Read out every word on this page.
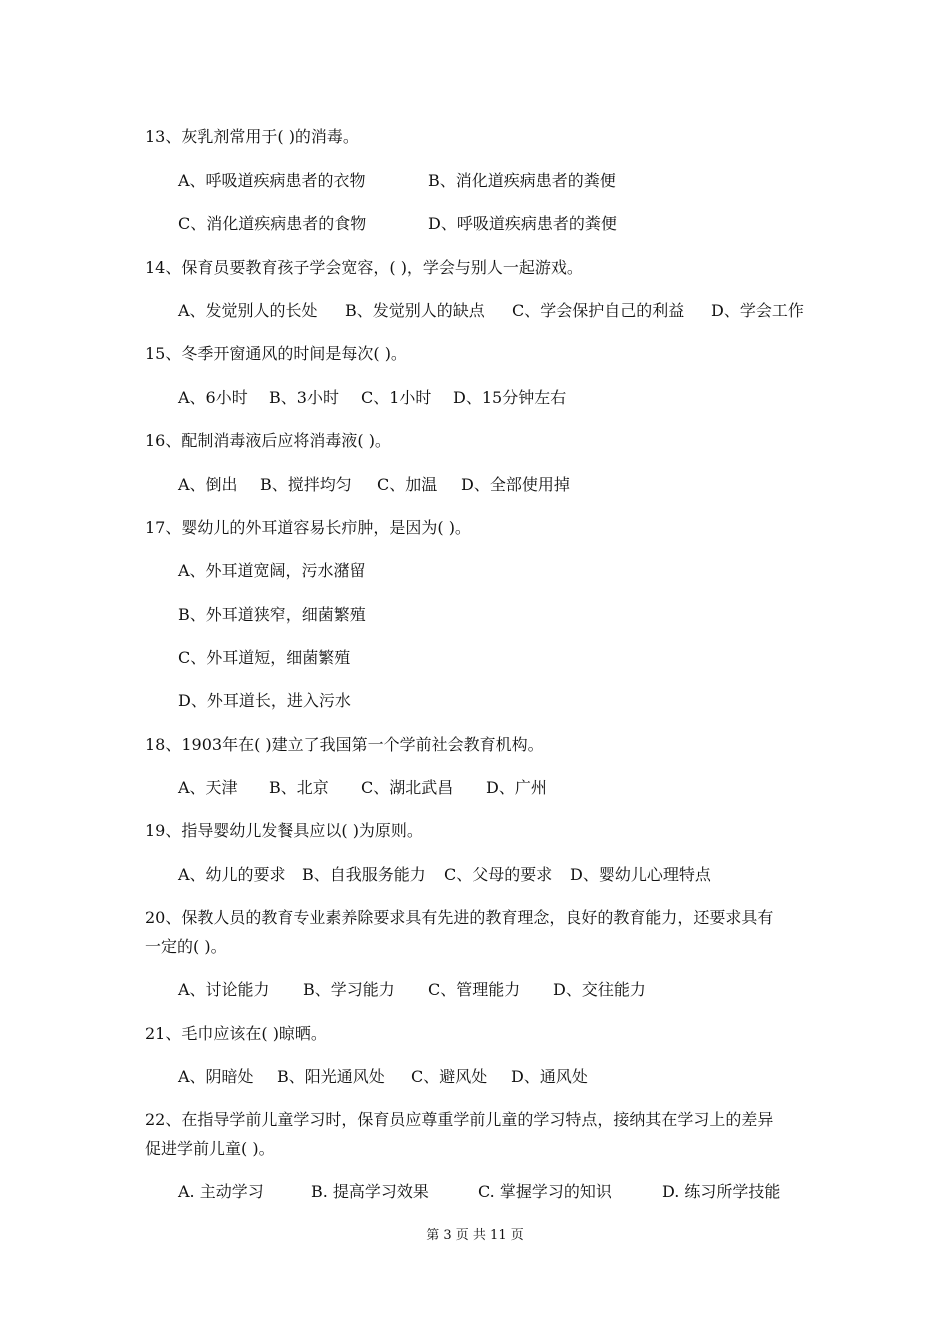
13、灰乳剂常用于( )的消毒。
A、呼吸道疾病患者的衣物	B、消化道疾病患者的粪便
C、消化道疾病患者的食物	D、呼吸道疾病患者的粪便
14、保育员要教育孩子学会宽容，( )，学会与别人一起游戏。
A、发觉别人的长处 B、发觉别人的缺点 C、学会保护自己的利益 D、学会工作
15、冬季开窗通风的时间是每次( )。
A、6小时 B、3小时 C、1小时 D、15分钟左右
16、配制消毒液后应将消毒液( )。
A、倒出 B、搅拌均匀 C、加温 D、全部使用掉
17、婴幼儿的外耳道容易长疖肿，是因为( )。
A、外耳道宽阔，污水潴留
B、外耳道狭窄，细菌繁殖
C、外耳道短，细菌繁殖
D、外耳道长，进入污水
18、1903年在( )建立了我国第一个学前社会教育机构。
A、天津 B、北京 C、湖北武昌 D、广州
19、指导婴幼儿发餐具应以( )为原则。
A、幼儿的要求 B、自我服务能力 C、父母的要求 D、婴幼儿心理特点
20、保教人员的教育专业素养除要求具有先进的教育理念，良好的教育能力，还要求具有
一定的( )。
A、讨论能力 B、学习能力 C、管理能力 D、交往能力
21、毛巾应该在( )晾晒。
A、阴暗处 B、阳光通风处 C、避风处 D、通风处
22、在指导学前儿童学习时，保育员应尊重学前儿童的学习特点，接纳其在学习上的差异
促进学前儿童( )。
A. 主动学习	B. 提高学习效果	C. 掌握学习的知识	D. 练习所学技能
第 3 页 共 11 页
